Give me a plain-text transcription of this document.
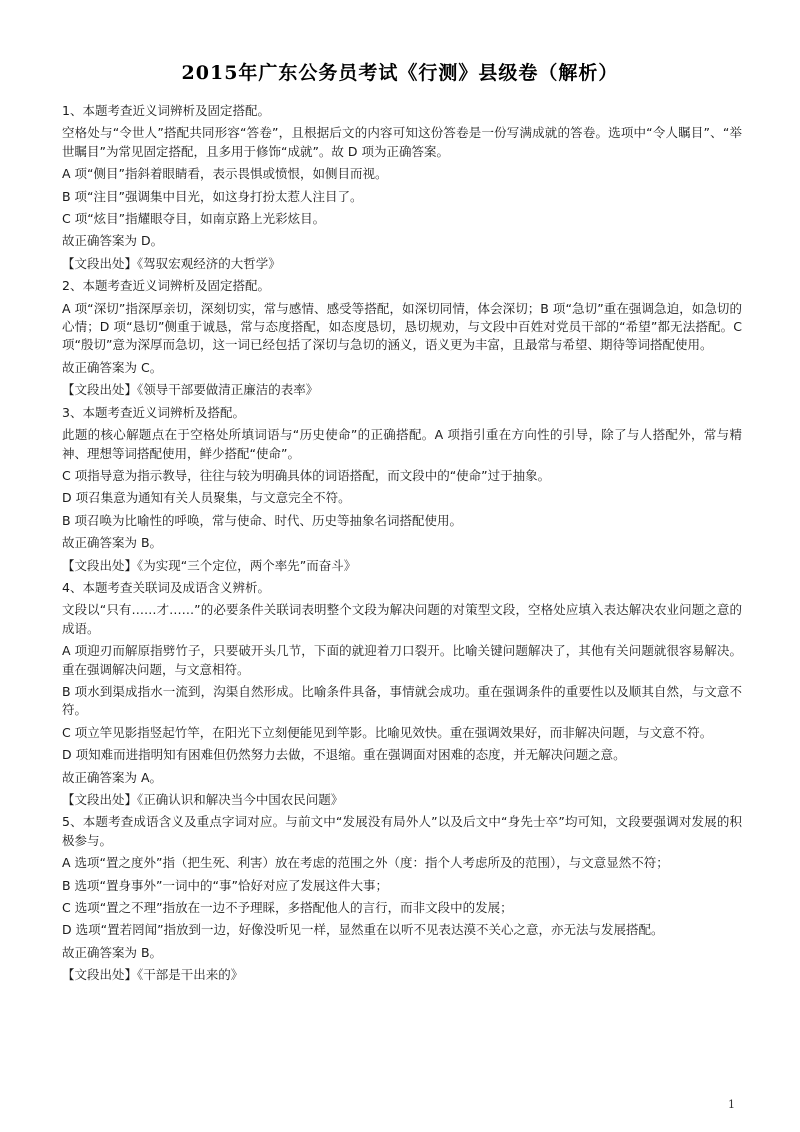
2015年广东公务员考试《行测》县级卷（解析）

1、本题考查近义词辨析及固定搭配。

空格处与“令世人”搭配共同形容“答卷”，且根据后文的内容可知这份答卷是一份写满成就的答卷。选项中“令人瞩目”、“举世瞩目”为常见固定搭配，且多用于修饰“成就”。故 D 项为正确答案。

A 项“侧目”指斜着眼睛看，表示畏惧或愤恨，如侧目而视。

B 项“注目”强调集中目光，如这身打扮太惹人注目了。

C 项“炫目”指耀眼夺目，如南京路上光彩炫目。

故正确答案为 D。

【文段出处】《驾驭宏观经济的大哲学》

2、本题考查近义词辨析及固定搭配。

A 项“深切”指深厚亲切，深刻切实，常与感情、感受等搭配，如深切同情，体会深切；B 项“急切”重在强调急迫，如急切的心情；D 项“恳切”侧重于诚恳，常与态度搭配，如态度恳切，恳切规劝，与文段中百姓对党员干部的“希望”都无法搭配。C 项“殷切”意为深厚而急切，这一词已经包括了深切与急切的涵义，语义更为丰富，且最常与希望、期待等词搭配使用。

故正确答案为 C。

【文段出处】《领导干部要做清正廉洁的表率》

3、本题考查近义词辨析及搭配。

此题的核心解题点在于空格处所填词语与“历史使命”的正确搭配。A 项指引重在方向性的引导，除了与人搭配外，常与精神、理想等词搭配使用，鲜少搭配“使命”。

C 项指导意为指示教导，往往与较为明确具体的词语搭配，而文段中的“使命”过于抽象。

D 项召集意为通知有关人员聚集，与文意完全不符。

B 项召唤为比喻性的呼唤，常与使命、时代、历史等抽象名词搭配使用。

故正确答案为 B。

【文段出处】《为实现“三个定位，两个率先”而奋斗》

4、本题考查关联词及成语含义辨析。

文段以“只有……才……”的必要条件关联词表明整个文段为解决问题的对策型文段，空格处应填入表达解决农业问题之意的成语。

A 项迎刃而解原指劈竹子，只要破开头几节，下面的就迎着刀口裂开。比喻关键问题解决了，其他有关问题就很容易解决。重在强调解决问题，与文意相符。

B 项水到渠成指水一流到，沟渠自然形成。比喻条件具备，事情就会成功。重在强调条件的重要性以及顺其自然，与文意不符。

C 项立竿见影指竖起竹竿，在阳光下立刻便能见到竿影。比喻见效快。重在强调效果好，而非解决问题，与文意不符。

D 项知难而进指明知有困难但仍然努力去做，不退缩。重在强调面对困难的态度，并无解决问题之意。

故正确答案为 A。

【文段出处】《正确认识和解决当今中国农民问题》

5、本题考查成语含义及重点字词对应。与前文中“发展没有局外人”以及后文中“身先士卒”均可知，文段要强调对发展的积极参与。

A 选项“置之度外”指（把生死、利害）放在考虑的范围之外（度：指个人考虑所及的范围），与文意显然不符；

B 选项“置身事外”一词中的“事”恰好对应了发展这件大事；

C 选项“置之不理”指放在一边不予理睬，多搭配他人的言行，而非文段中的发展；

D 选项“置若罔闻”指放到一边，好像没听见一样，显然重在以听不见表达漠不关心之意，亦无法与发展搭配。

故正确答案为 B。

【文段出处】《干部是干出来的》

1
